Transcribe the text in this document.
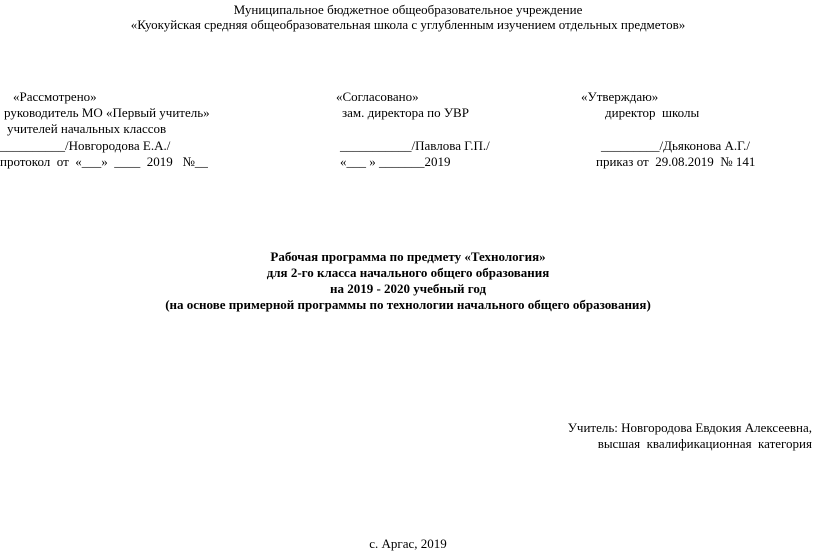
Муниципальное бюджетное общеобразовательное учреждение
«Куокуйская средняя общеобразовательная школа с углубленным изучением отдельных предметов»
«Рассмотрено»
руководитель МО «Первый учитель»
учителей начальных классов
__________/Новгородова Е.А./
протокол  от  «___»  ____  2019   №__
«Согласовано»
зам. директора по УВР
___________/Павлова Г.П./
«___ » _______2019
«Утверждаю»
директор  школы
_________/Дьяконова А.Г./
приказ от  29.08.2019  № 141
Рабочая программа по предмету «Технология»
для 2-го класса начального общего образования
на 2019 - 2020 учебный год
(на основе примерной программы по технологии начального общего образования)
Учитель: Новгородова Евдокия Алексеевна,
высшая  квалификационная  категория
с. Аргас, 2019
